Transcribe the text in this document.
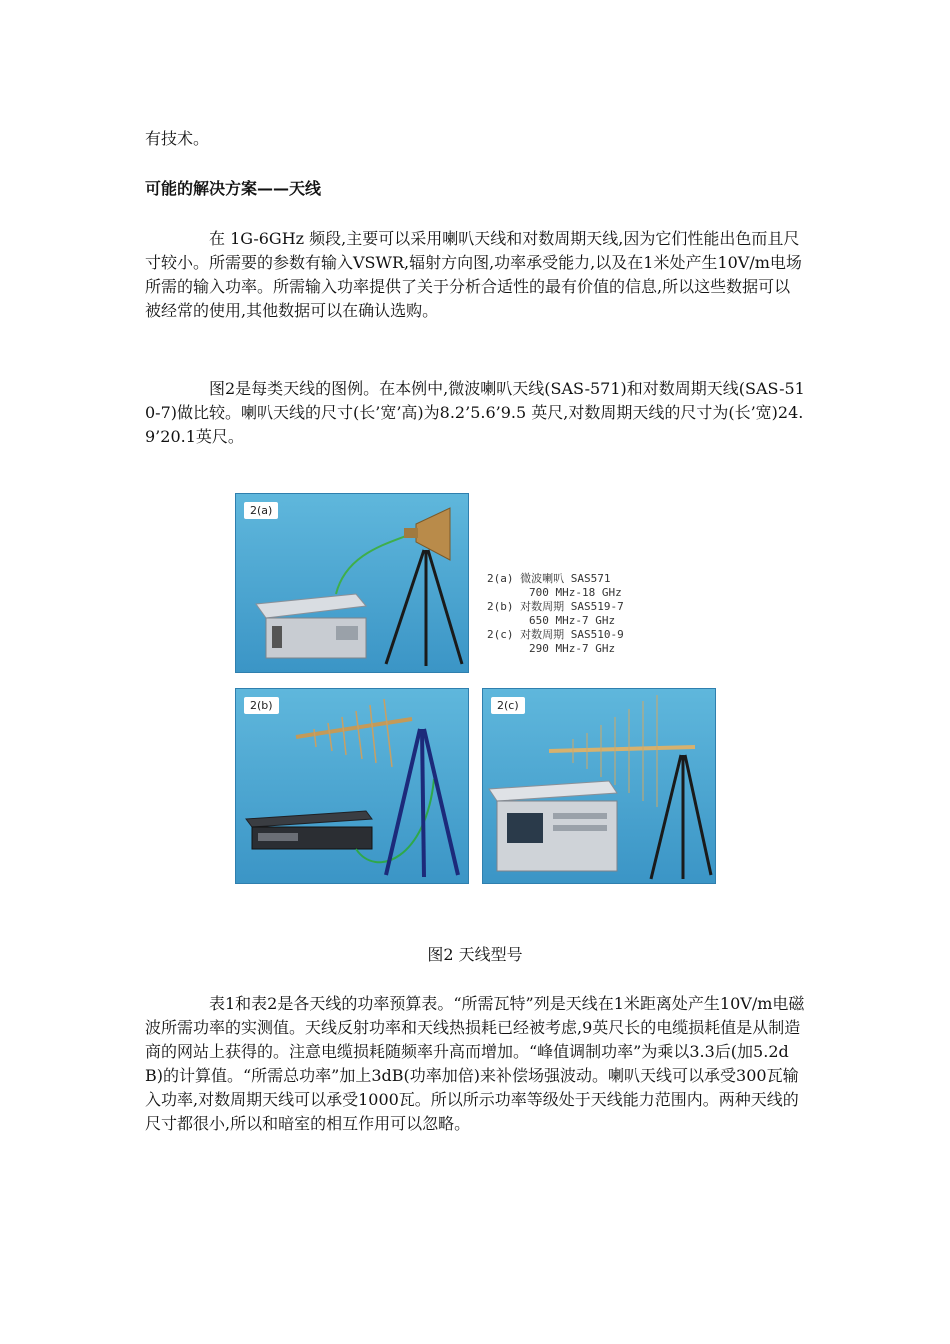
有技术。
可能的解决方案——天线
在 1G-6GHz 频段,主要可以采用喇叭天线和对数周期天线,因为它们性能出色而且尺寸较小。所需要的参数有输入VSWR,辐射方向图,功率承受能力,以及在1米处产生10V/m电场所需的输入功率。所需输入功率提供了关于分析合适性的最有价值的信息,所以这些数据可以被经常的使用,其他数据可以在确认选购。
图2是每类天线的图例。在本例中,微波喇叭天线(SAS-571)和对数周期天线(SAS-510-7)做比较。喇叭天线的尺寸(长’宽’高)为8.2’5.6’9.5 英尺,对数周期天线的尺寸为(长’宽)24.9’20.1英尺。
2(a)
2(a) 微波喇叭 SAS571
700 MHz-18 GHz
2(b) 对数周期 SAS519-7
650 MHz-7 GHz
2(c) 对数周期 SAS510-9
290 MHz-7 GHz
2(b)	2(c)
图2 天线型号
表1和表2是各天线的功率预算表。“所需瓦特”列是天线在1米距离处产生10V/m电磁波所需功率的实测值。天线反射功率和天线热损耗已经被考虑,9英尺长的电缆损耗值是从制造商的网站上获得的。注意电缆损耗随频率升高而增加。“峰值调制功率”为乘以3.3后(加5.2dB)的计算值。“所需总功率”加上3dB(功率加倍)来补偿场强波动。喇叭天线可以承受300瓦输入功率,对数周期天线可以承受1000瓦。所以所示功率等级处于天线能力范围内。两种天线的尺寸都很小,所以和暗室的相互作用可以忽略。
